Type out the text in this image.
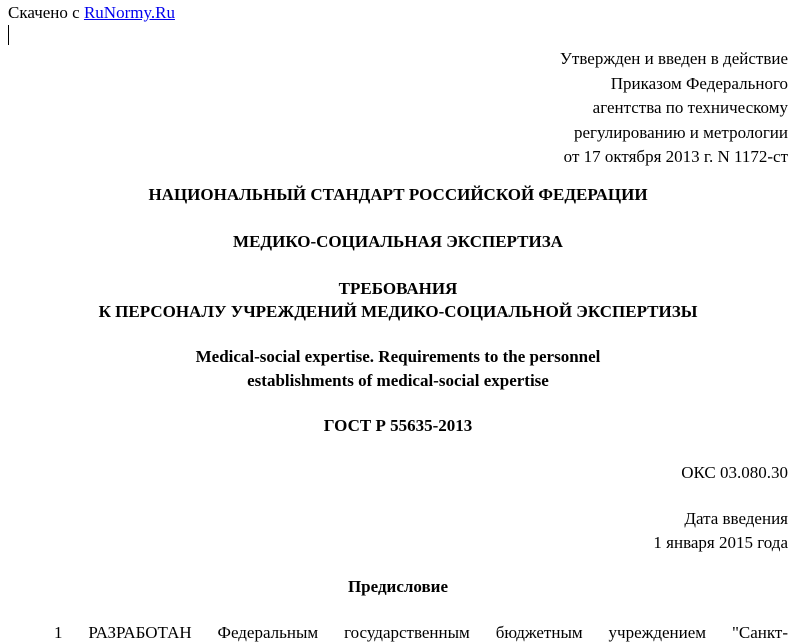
Скачено с RuNormy.Ru
Утвержден и введен в действие
Приказом Федерального
агентства по техническому
регулированию и метрологии
от 17 октября 2013 г. N 1172-ст
НАЦИОНАЛЬНЫЙ СТАНДАРТ РОССИЙСКОЙ ФЕДЕРАЦИИ
МЕДИКО-СОЦИАЛЬНАЯ ЭКСПЕРТИЗА
ТРЕБОВАНИЯ
К ПЕРСОНАЛУ УЧРЕЖДЕНИЙ МЕДИКО-СОЦИАЛЬНОЙ ЭКСПЕРТИЗЫ
Medical-social expertise. Requirements to the personnel
establishments of medical-social expertise
ГОСТ Р 55635-2013
ОКС 03.080.30
Дата введения
1 января 2015 года
Предисловие
1 РАЗРАБОТАН Федеральным государственным бюджетным учреждением "Санкт-
